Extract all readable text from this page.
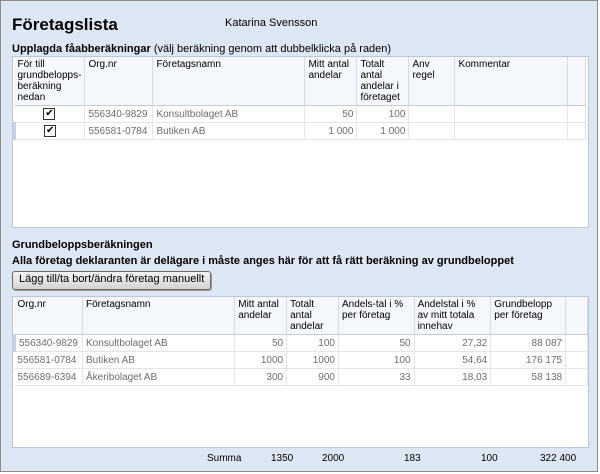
Företagslista	Katarina Svensson
Upplagda fåabberäkningar (välj beräkning genom att dubbelklicka på raden)
För till grundbelopps-beräkning nedan	Org.nr	Företagsnamn	Mitt antal andelar	Totalt antal andelar i företaget	Anv regel	Kommentar	
✔	556340-9829	Konsultbolaget AB	50	100			
✔	556581-0784	Butiken AB	1 000	1 000			
Grundbeloppsberäkningen
Alla företag deklaranten är delägare i måste anges här för att få rätt beräkning av grundbeloppet
Lägg till/ta bort/ändra företag manuellt
Org.nr	Företagsnamn	Mitt antal andelar	Totalt antal andelar	Andels-tal i % per företag	Andelstal i % av mitt totala innehav	Grundbelopp per företag	
556340-9829	Konsultbolaget AB	50	100	50	27,32	88 087	
556581-0784	Butiken AB	1000	1000	100	54,64	176 175	
556689-6394	Åkeribolaget AB	300	900	33	18,03	58 138	
Summa	1350	2000	183	100	322 400
